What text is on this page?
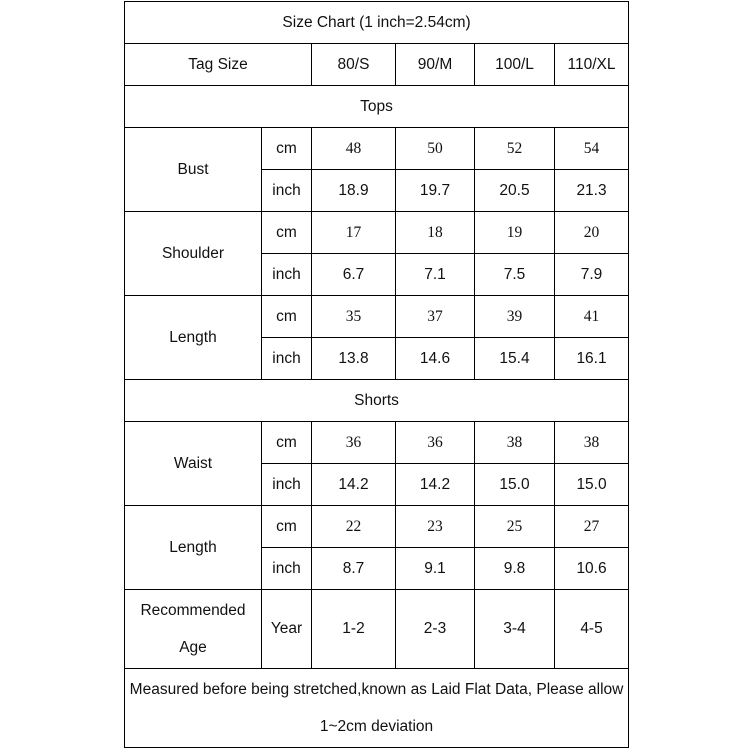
Size Chart (1 inch=2.54cm)					
Tag Size		80/S	90/M	100/L	110/XL
Tops					
Bust	cm	48	50	52	54
	inch	18.9	19.7	20.5	21.3
Shoulder	cm	17	18	19	20
	inch	6.7	7.1	7.5	7.9
Length	cm	35	37	39	41
	inch	13.8	14.6	15.4	16.1
Shorts					
Waist	cm	36	36	38	38
	inch	14.2	14.2	15.0	15.0
Length	cm	22	23	25	27
	inch	8.7	9.1	9.8	10.6
Recommended Age	Year	1-2	2-3	3-4	4-5
Measured before being stretched,known as Laid Flat Data, Please allow 1~2cm deviation					
